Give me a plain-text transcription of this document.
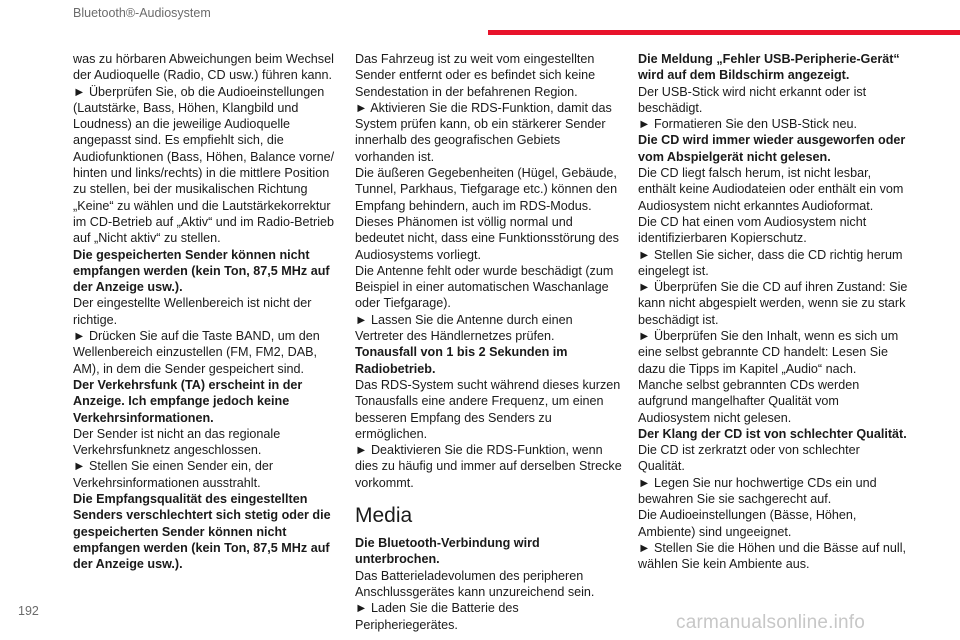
Bluetooth®-Audiosystem

was zu hörbaren Abweichungen beim Wechsel der Audioquelle (Radio, CD usw.) führen kann.

► Überprüfen Sie, ob die Audioeinstellungen (Lautstärke, Bass, Höhen, Klangbild und Loudness) an die jeweilige Audioquelle angepasst sind. Es empfiehlt sich, die Audiofunktionen (Bass, Höhen, Balance vorne/ hinten und links/rechts) in die mittlere Position zu stellen, bei der musikalischen Richtung „Keine“ zu wählen und die Lautstärkekorrektur im CD-Betrieb auf „Aktiv“ und im Radio-Betrieb auf „Nicht aktiv“ zu stellen.

Die gespeicherten Sender können nicht empfangen werden (kein Ton, 87,5 MHz auf der Anzeige usw.).

Der eingestellte Wellenbereich ist nicht der richtige.

► Drücken Sie auf die Taste BAND, um den Wellenbereich einzustellen (FM, FM2, DAB, AM), in dem die Sender gespeichert sind.

Der Verkehrsfunk (TA) erscheint in der Anzeige. Ich empfange jedoch keine Verkehrsinformationen.

Der Sender ist nicht an das regionale Verkehrsfunknetz angeschlossen.

► Stellen Sie einen Sender ein, der Verkehrsinformationen ausstrahlt.

Die Empfangsqualität des eingestellten Senders verschlechtert sich stetig oder die gespeicherten Sender können nicht empfangen werden (kein Ton, 87,5 MHz auf der Anzeige usw.).

Das Fahrzeug ist zu weit vom eingestellten Sender entfernt oder es befindet sich keine Sendestation in der befahrenen Region.

► Aktivieren Sie die RDS-Funktion, damit das System prüfen kann, ob ein stärkerer Sender innerhalb des geografischen Gebiets vorhanden ist.

Die äußeren Gegebenheiten (Hügel, Gebäude, Tunnel, Parkhaus, Tiefgarage etc.) können den Empfang behindern, auch im RDS-Modus.

Dieses Phänomen ist völlig normal und bedeutet nicht, dass eine Funktionsstörung des Audiosystems vorliegt.

Die Antenne fehlt oder wurde beschädigt (zum Beispiel in einer automatischen Waschanlage oder Tiefgarage).

► Lassen Sie die Antenne durch einen Vertreter des Händlernetzes prüfen.

Tonausfall von 1 bis 2 Sekunden im Radiobetrieb.

Das RDS-System sucht während dieses kurzen Tonausfalls eine andere Frequenz, um einen besseren Empfang des Senders zu ermöglichen.

► Deaktivieren Sie die RDS-Funktion, wenn dies zu häufig und immer auf derselben Strecke vorkommt.

Media

Die Bluetooth-Verbindung wird unterbrochen.

Das Batterieladevolumen des peripheren Anschlussgerätes kann unzureichend sein.

► Laden Sie die Batterie des Peripheriegerätes.

Die Meldung „Fehler USB-Peripherie-Gerät“ wird auf dem Bildschirm angezeigt.

Der USB-Stick wird nicht erkannt oder ist beschädigt.

► Formatieren Sie den USB-Stick neu.

Die CD wird immer wieder ausgeworfen oder vom Abspielgerät nicht gelesen.

Die CD liegt falsch herum, ist nicht lesbar, enthält keine Audiodateien oder enthält ein vom Audiosystem nicht erkanntes Audioformat.

Die CD hat einen vom Audiosystem nicht identifizierbaren Kopierschutz.

► Stellen Sie sicher, dass die CD richtig herum eingelegt ist.

► Überprüfen Sie die CD auf ihren Zustand: Sie kann nicht abgespielt werden, wenn sie zu stark beschädigt ist.

► Überprüfen Sie den Inhalt, wenn es sich um eine selbst gebrannte CD handelt: Lesen Sie dazu die Tipps im Kapitel „Audio“ nach.

Manche selbst gebrannten CDs werden aufgrund mangelhafter Qualität vom Audiosystem nicht gelesen.

Der Klang der CD ist von schlechter Qualität.

Die CD ist zerkratzt oder von schlechter Qualität.

► Legen Sie nur hochwertige CDs ein und bewahren Sie sie sachgerecht auf.

Die Audioeinstellungen (Bässe, Höhen, Ambiente) sind ungeeignet.

► Stellen Sie die Höhen und die Bässe auf null, wählen Sie kein Ambiente aus.

192
carmanualsonline.info
